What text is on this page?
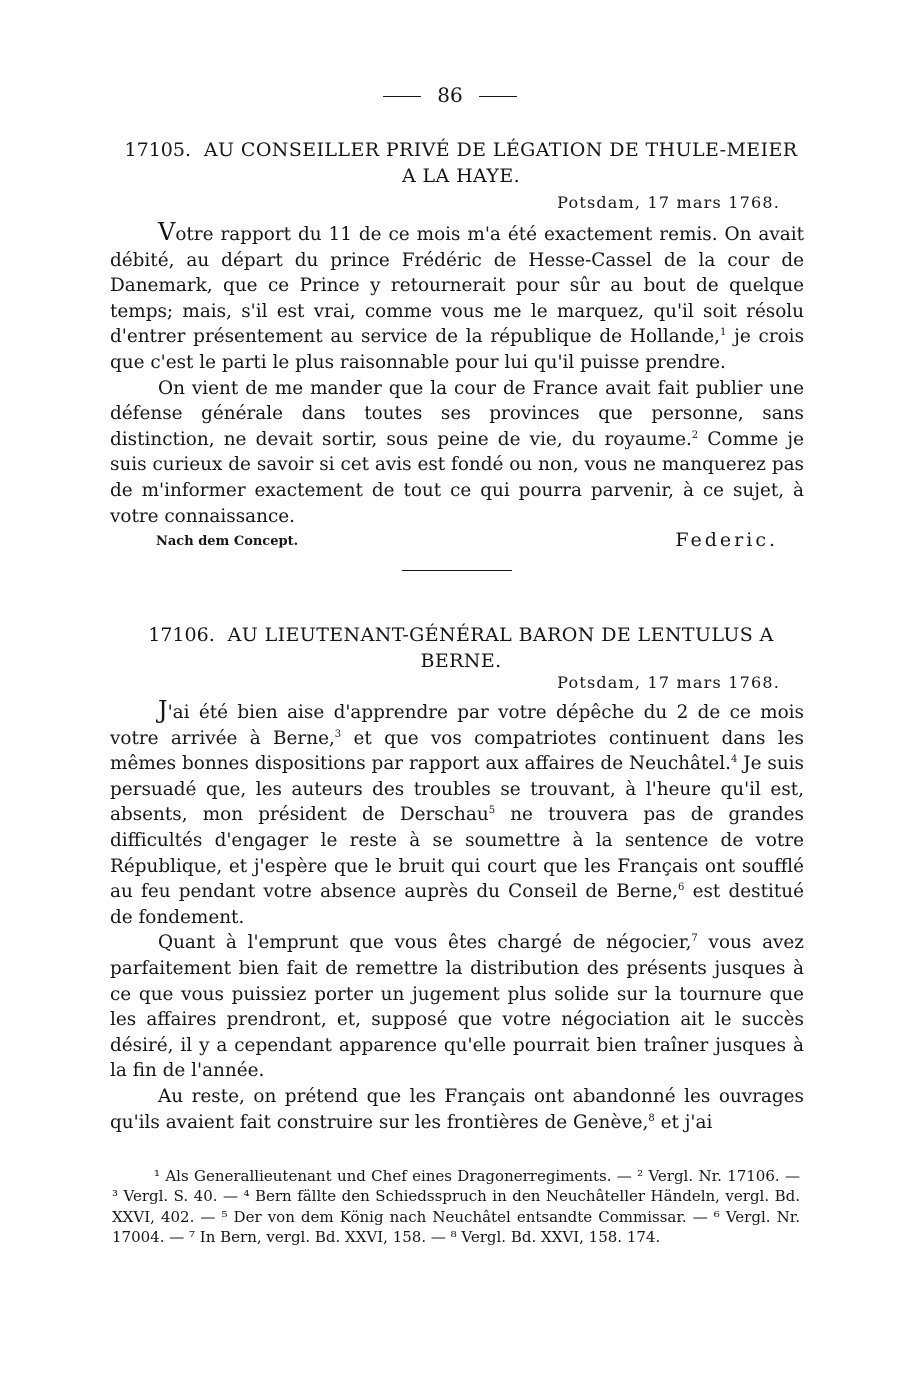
86
17105. AU CONSEILLER PRIVÉ DE LÉGATION DE THULE-MEIER A LA HAYE.
Potsdam, 17 mars 1768.

Votre rapport du 11 de ce mois m'a été exactement remis. On avait débité, au départ du prince Frédéric de Hesse-Cassel de la cour de Danemark, que ce Prince y retournerait pour sûr au bout de quelque temps; mais, s'il est vrai, comme vous me le marquez, qu'il soit résolu d'entrer présentement au service de la république de Hollande,$^1$ je crois que c'est le parti le plus raisonnable pour lui qu'il puisse prendre.

On vient de me mander que la cour de France avait fait publier une défense générale dans toutes ses provinces que personne, sans distinction, ne devait sortir, sous peine de vie, du royaume.$^2$ Comme je suis curieux de savoir si cet avis est fondé ou non, vous ne manquerez pas de m'informer exactement de tout ce qui pourra parvenir, à ce sujet, à votre connaissance.

Nach dem Concept.	Federic.
17106. AU LIEUTENANT-GÉNÉRAL BARON DE LENTULUS A BERNE.
Potsdam, 17 mars 1768.

J'ai été bien aise d'apprendre par votre dépêche du 2 de ce mois votre arrivée à Berne,$^3$ et que vos compatriotes continuent dans les mêmes bonnes dispositions par rapport aux affaires de Neuchâtel.$^4$ Je suis persuadé que, les auteurs des troubles se trouvant, à l'heure qu'il est, absents, mon président de Derschau$^5$ ne trouvera pas de grandes difficultés d'engager le reste à se soumettre à la sentence de votre République, et j'espère que le bruit qui court que les Français ont soufflé au feu pendant votre absence auprès du Conseil de Berne,$^6$ est destitué de fondement.

Quant à l'emprunt que vous êtes chargé de négocier,$^7$ vous avez parfaitement bien fait de remettre la distribution des présents jusques à ce que vous puissiez porter un jugement plus solide sur la tournure que les affaires prendront, et, supposé que votre négociation ait le succès désiré, il y a cependant apparence qu'elle pourrait bien traîner jusques à la fin de l'année.

Au reste, on prétend que les Français ont abandonné les ouvrages qu'ils avaient fait construire sur les frontières de Genève,$^8$ et j'ai

¹ Als Generallieutenant und Chef eines Dragonerregiments. — ² Vergl. Nr. 17106. — ³ Vergl. S. 40. — ⁴ Bern fällte den Schiedsspruch in den Neuchâteller Händeln, vergl. Bd. XXVI, 402. — ⁵ Der von dem König nach Neuchâtel entsandte Commissar. — ⁶ Vergl. Nr. 17004. — ⁷ In Bern, vergl. Bd. XXVI, 158. — ⁸ Vergl. Bd. XXVI, 158. 174.
